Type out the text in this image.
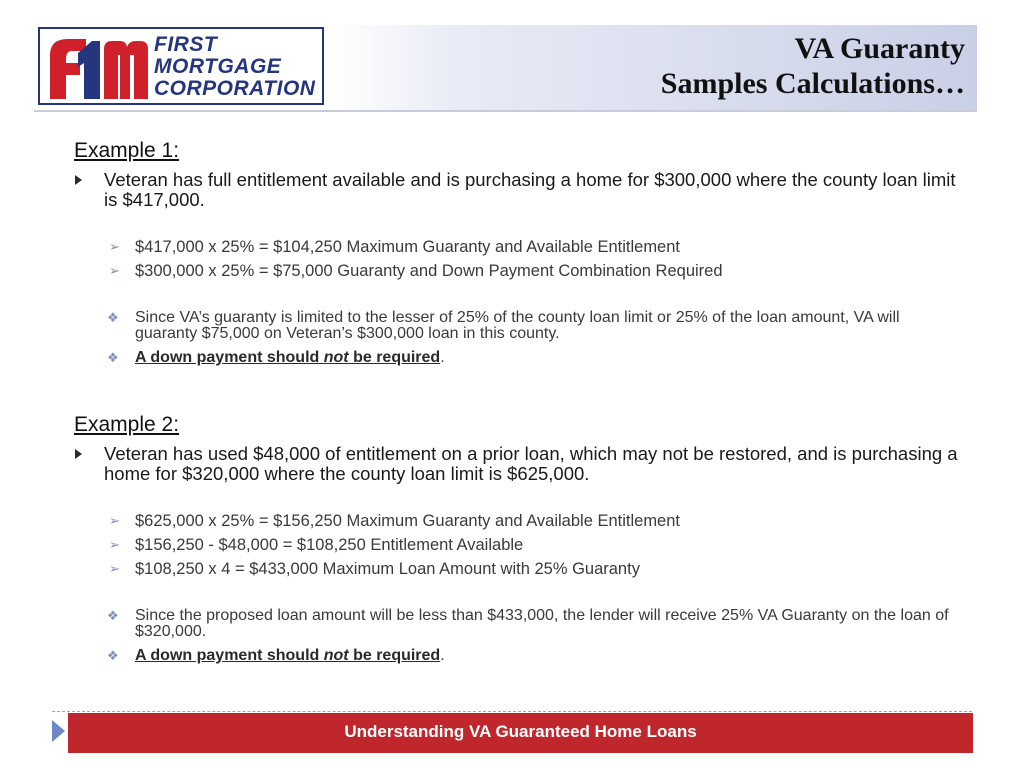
FIRST
MORTGAGE
CORPORATION
VA Guaranty
Samples Calculations…
Example 1:
Veteran has full entitlement available and is purchasing a home for $300,000 where the county loan limit is $417,000.
➢ $417,000 x 25% = $104,250 Maximum Guaranty and Available Entitlement
➢ $300,000 x 25% = $75,000 Guaranty and Down Payment Combination Required
❖ Since VA’s guaranty is limited to the lesser of 25% of the county loan limit or 25% of the loan amount, VA will guaranty $75,000 on Veteran’s $300,000 loan in this county.
❖ A down payment should not be required.
Example 2:
Veteran has used $48,000 of entitlement on a prior loan, which may not be restored, and is purchasing a home for $320,000 where the county loan limit is $625,000.
➢ $625,000 x 25% = $156,250 Maximum Guaranty and Available Entitlement
➢ $156,250 - $48,000 = $108,250 Entitlement Available
➢ $108,250 x 4 = $433,000 Maximum Loan Amount with 25% Guaranty
❖ Since the proposed loan amount will be less than $433,000, the lender will receive 25% VA Guaranty on the loan of $320,000.
❖ A down payment should not be required.
Understanding VA Guaranteed Home Loans
